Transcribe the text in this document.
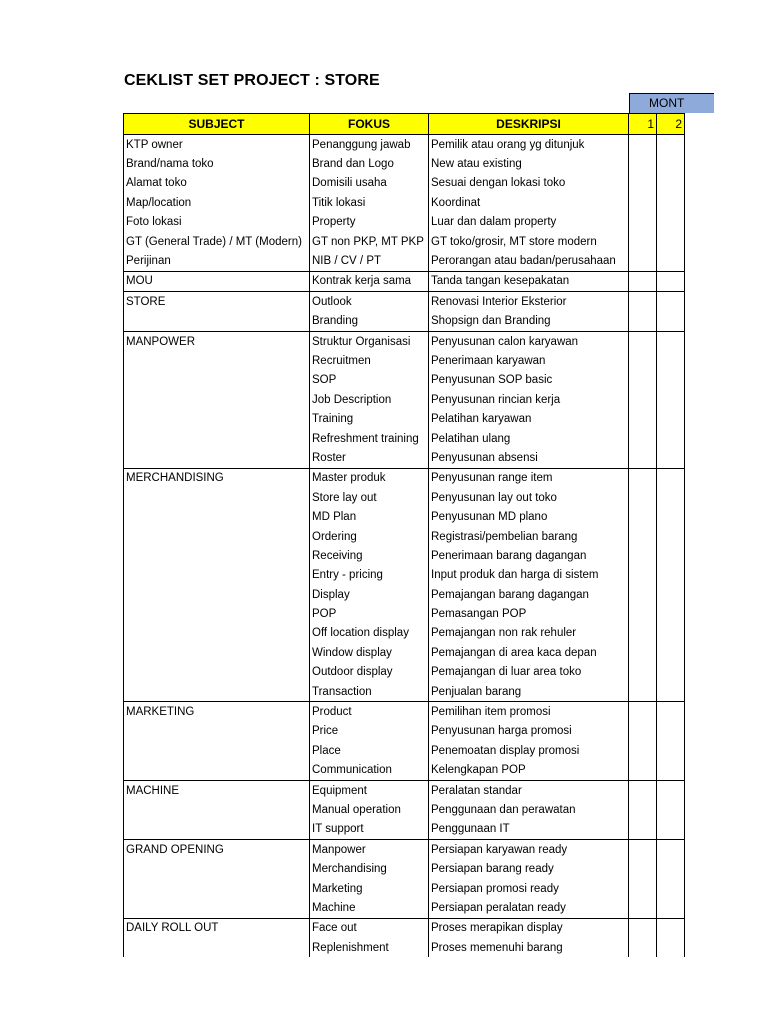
CEKLIST SET PROJECT : STORE
MONT
SUBJECT	FOKUS	DESKRIPSI	1	2
KTP owner	Penanggung jawab	Pemilik atau orang yg ditunjuk		
Brand/nama toko	Brand dan Logo	New atau existing		
Alamat toko	Domisili usaha	Sesuai dengan lokasi toko		
Map/location	Titik lokasi	Koordinat		
Foto lokasi	Property	Luar dan dalam property		
GT (General Trade) / MT (Modern)	GT non PKP, MT PKP	GT toko/grosir, MT store modern		
Perijinan	NIB / CV / PT	Perorangan atau badan/perusahaan		
MOU	Kontrak kerja sama	Tanda tangan kesepakatan		
STORE	Outlook	Renovasi Interior Eksterior		
	Branding	Shopsign dan Branding		
MANPOWER	Struktur Organisasi	Penyusunan calon karyawan		
	Recruitmen	Penerimaan karyawan		
	SOP	Penyusunan SOP basic		
	Job Description	Penyusunan rincian kerja		
	Training	Pelatihan karyawan		
	Refreshment training	Pelatihan ulang		
	Roster	Penyusunan absensi		
MERCHANDISING	Master produk	Penyusunan range item		
	Store lay out	Penyusunan lay out toko		
	MD Plan	Penyusunan MD plano		
	Ordering	Registrasi/pembelian barang		
	Receiving	Penerimaan barang dagangan		
	Entry - pricing	Input produk dan harga di sistem		
	Display	Pemajangan barang dagangan		
	POP	Pemasangan POP		
	Off location display	Pemajangan non rak rehuler		
	Window display	Pemajangan di area kaca depan		
	Outdoor display	Pemajangan di luar area toko		
	Transaction	Penjualan barang		
MARKETING	Product	Pemilihan item promosi		
	Price	Penyusunan harga promosi		
	Place	Penemoatan display promosi		
	Communication	Kelengkapan POP		
MACHINE	Equipment	Peralatan standar		
	Manual operation	Penggunaan dan perawatan		
	IT support	Penggunaan IT		
GRAND OPENING	Manpower	Persiapan karyawan ready		
	Merchandising	Persiapan barang ready		
	Marketing	Persiapan promosi ready		
	Machine	Persiapan peralatan ready		
DAILY ROLL OUT	Face out	Proses merapikan display		
	Replenishment	Proses memenuhi barang		
